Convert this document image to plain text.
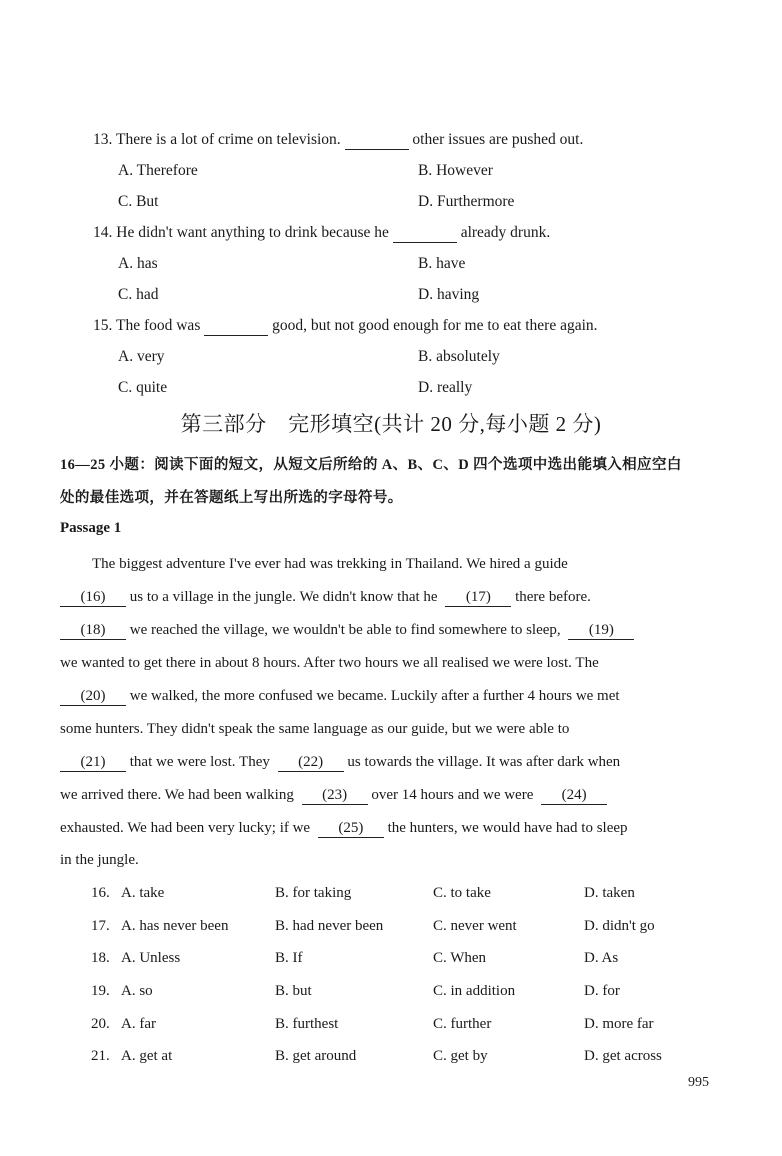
13. There is a lot of crime on television.	other issues are pushed out.
A. Therefore	B. However
C. But	D. Furthermore
14. He didn't want anything to drink because he	already drunk.
A. has	B. have
C. had	D. having
15. The food was	good, but not good enough for me to eat there again.
A. very	B. absolutely
C. quite	D. really
第三部分　完形填空(共计 20 分,每小题 2 分)
16—25 小题：阅读下面的短文，从短文后所给的 A、B、C、D 四个选项中选出能填入相应空白
处的最佳选项，并在答题纸上写出所选的字母符号。
Passage 1
The biggest adventure I've ever had was trekking in Thailand. We hired a guide
(16) us to a village in the jungle. We didn't know that he (17) there before.
(18) we reached the village, we wouldn't be able to find somewhere to sleep, (19)
we wanted to get there in about 8 hours. After two hours we all realised we were lost. The
(20) we walked, the more confused we became. Luckily after a further 4 hours we met
some hunters. They didn't speak the same language as our guide, but we were able to
(21) that we were lost. They (22) us towards the village. It was after dark when
we arrived there. We had been walking (23) over 14 hours and we were (24)
exhausted. We had been very lucky; if we (25) the hunters, we would have had to sleep
in the jungle.
16. A. take	B. for taking	C. to take	D. taken
17. A. has never been	B. had never been	C. never went	D. didn't go
18. A. Unless	B. If	C. When	D. As
19. A. so	B. but	C. in addition	D. for
20. A. far	B. furthest	C. further	D. more far
21. A. get at	B. get around	C. get by	D. get across
995
